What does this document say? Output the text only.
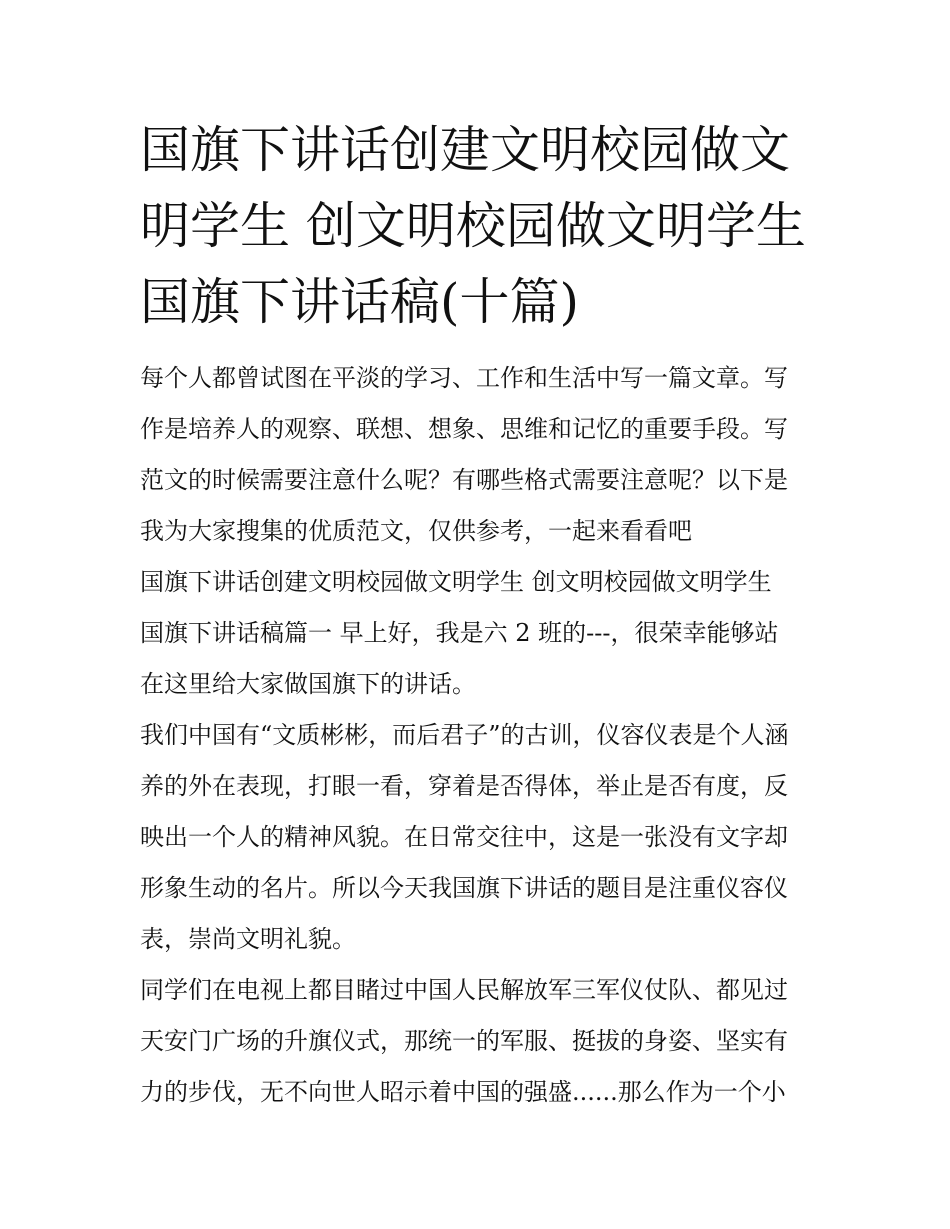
国旗下讲话创建文明校园做文
明学生 创文明校园做文明学生
国旗下讲话稿(十篇)

每个人都曾试图在平淡的学习、工作和生活中写一篇文章。写
作是培养人的观察、联想、想象、思维和记忆的重要手段。写
范文的时候需要注意什么呢？有哪些格式需要注意呢？以下是
我为大家搜集的优质范文，仅供参考，一起来看看吧

国旗下讲话创建文明校园做文明学生 创文明校园做文明学生
国旗下讲话稿篇一 早上好，我是六 2 班的---，很荣幸能够站
在这里给大家做国旗下的讲话。

我们中国有“文质彬彬，而后君子”的古训，仪容仪表是个人涵
养的外在表现，打眼一看，穿着是否得体，举止是否有度，反
映出一个人的精神风貌。在日常交往中，这是一张没有文字却
形象生动的名片。所以今天我国旗下讲话的题目是注重仪容仪
表，崇尚文明礼貌。

同学们在电视上都目睹过中国人民解放军三军仪仗队、都见过
天安门广场的升旗仪式，那统一的军服、挺拔的身姿、坚实有
力的步伐，无不向世人昭示着中国的强盛......那么作为一个小
